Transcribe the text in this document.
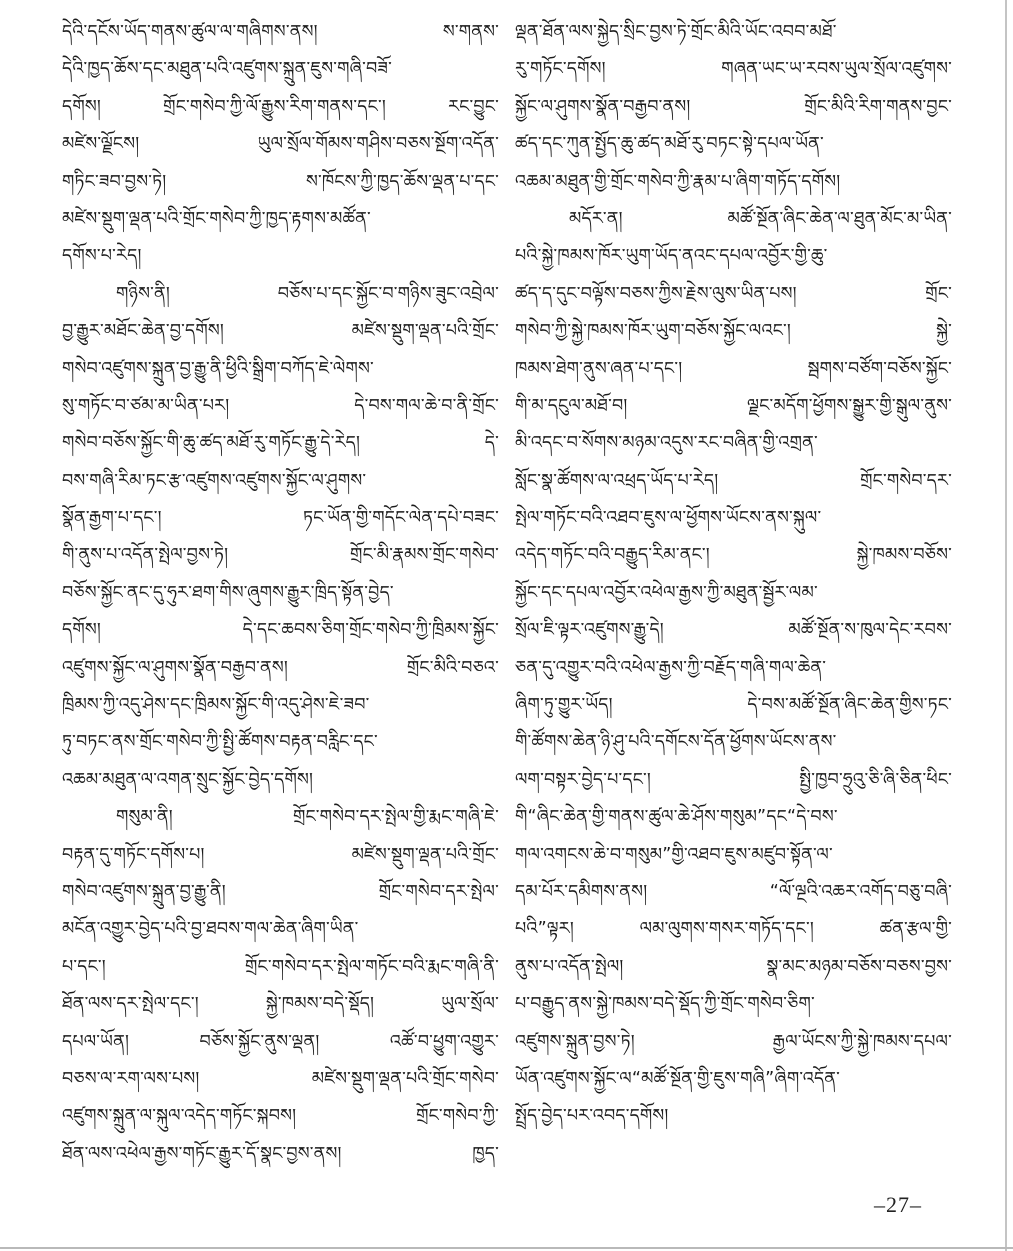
དེའི་དངོས་ཡོད་གནས་ཚུལ་ལ་གཞིགས་ནས། ས་གནས་
དེའི་ཁྱད་ཆོས་དང་མཐུན་པའི་འཛུགས་སྐྲུན་ཇུས་གཞི་བཟོ་
དགོས། གྲོང་གསེབ་ཀྱི་ལོ་རྒྱུས་རིག་གནས་དང་། རང་བྱུང་
མཛེས་ལྗོངས། ཡུལ་སྲོལ་གོམས་གཤིས་བཅས་སྔོག་འདོན་
གཏིང་ཟབ་བྱས་ཏེ། ས་ཁོངས་ཀྱི་ཁྱད་ཆོས་ལྡན་པ་དང་
མཛེས་སྡུག་ལྡན་པའི་གྲོང་གསེབ་ཀྱི་ཁྱད་རྟགས་མཚོན་
དགོས་པ་རེད།
གཉིས་ནི། བཅོས་པ་དང་སྐྱོང་བ་གཉིས་ཟུང་འབྲེལ་
བྱ་རྒྱུར་མཐོང་ཆེན་བྱ་དགོས། མཛེས་སྡུག་ལྡན་པའི་གྲོང་
གསེབ་འཛུགས་སྐྲུན་བྱ་རྒྱུ་ནི་ཕྱིའི་སྒྲིག་བཀོད་ཇེ་ལེགས་
སུ་གཏོང་བ་ཙམ་མ་ཡིན་པར། དེ་བས་གལ་ཆེ་བ་ནི་གྲོང་
གསེབ་བཅོས་སྐྱོང་གི་ཆུ་ཚད་མཐོ་རུ་གཏོང་རྒྱུ་དེ་རེད། དེ་
བས་གཞི་རིམ་ཏང་རྩ་འཛུགས་འཛུགས་སྐྱོང་ལ་ཤུགས་
སྣོན་རྒྱག་པ་དང་། ཏང་ཡོན་གྱི་གདོང་ལེན་དཔེ་བཟང་
གི་ནུས་པ་འདོན་སྤེལ་བྱས་ཏེ། གྲོང་མི་རྣམས་གྲོང་གསེབ་
བཅོས་སྐྱོང་ནང་དུ་ཧུར་ཐག་གིས་ཞུགས་རྒྱུར་ཁྲིད་སྟོན་བྱེད་
དགོས། དེ་དང་ཆབས་ཅིག་གྲོང་གསེབ་ཀྱི་ཁྲིམས་སྐྱོང་
འཛུགས་སྐྱོང་ལ་ཤུགས་སྣོན་བརྒྱབ་ནས། གྲོང་མིའི་བཅའ་
ཁྲིམས་ཀྱི་འདུ་ཤེས་དང་ཁྲིམས་སྐྱོང་གི་འདུ་ཤེས་ཇེ་ཟབ་
ཏུ་བཏང་ནས་གྲོང་གསེབ་ཀྱི་སྤྱི་ཚོགས་བརྟན་བརླིང་དང་
འཆམ་མཐུན་ལ་འགན་སྲུང་སྐྱོང་བྱེད་དགོས།
གསུམ་ནི། གྲོང་གསེབ་དར་སྤེལ་གྱི་རྨང་གཞི་ཇེ་
བརྟན་དུ་གཏོང་དགོས་པ། མཛེས་སྡུག་ལྡན་པའི་གྲོང་
གསེབ་འཛུགས་སྐྲུན་བྱ་རྒྱུ་ནི། གྲོང་གསེབ་དར་སྤེལ་
མངོན་འགྱུར་བྱེད་པའི་བྱ་ཐབས་གལ་ཆེན་ཞིག་ཡིན་
པ་དང་། གྲོང་གསེབ་དར་སྤེལ་གཏོང་བའི་རྨང་གཞི་ནི་
ཐོན་ལས་དར་སྤེལ་དང་། སྐྱེ་ཁམས་བདེ་སྡོད། ཡུལ་སྲོལ་
དཔལ་ཡོན། བཅོས་སྐྱོང་ནུས་ལྡན། འཚོ་བ་ཕྱུག་འགྱུར་
བཅས་ལ་རག་ལས་པས། མཛེས་སྡུག་ལྡན་པའི་གྲོང་གསེབ་
འཛུགས་སྐྲུན་ལ་སྐུལ་འདེད་གཏོང་སྐབས། གྲོང་གསེབ་ཀྱི་
ཐོན་ལས་འཕེལ་རྒྱས་གཏོང་རྒྱུར་དོ་སྣང་བྱས་ནས། ཁྱད་
ལྡན་ཐོན་ལས་སྐྱེད་སྲིང་བྱས་ཏེ་གྲོང་མིའི་ཡོང་འབབ་མཐོ་
རུ་གཏོང་དགོས། གཞན་ཡང་ཡ་རབས་ཡུལ་སྲོལ་འཛུགས་
སྐྱོང་ལ་ཤུགས་སྣོན་བརྒྱབ་ནས། གྲོང་མིའི་རིག་གནས་བྱང་
ཚད་དང་ཀུན་སྤྱོད་ཆུ་ཚད་མཐོ་རུ་བཏང་སྟེ་དཔལ་ཡོན་
འཆམ་མཐུན་གྱི་གྲོང་གསེབ་ཀྱི་རྣམ་པ་ཞིག་གཏོད་དགོས།
མདོར་ན། མཚོ་སྔོན་ཞིང་ཆེན་ལ་ཐུན་མོང་མ་ཡིན་
པའི་སྐྱེ་ཁམས་ཁོར་ཡུག་ཡོད་ནའང་དཔལ་འབྱོར་གྱི་ཆུ་
ཚད་ད་དུང་བལྟོས་བཅས་ཀྱིས་རྗེས་ལུས་ཡིན་པས། གྲོང་
གསེབ་ཀྱི་སྐྱེ་ཁམས་ཁོར་ཡུག་བཅོས་སྐྱོང་ལའང་། སྐྱེ་
ཁམས་ཐེག་ནུས་ཞན་པ་དང་། སྦགས་བཙོག་བཅོས་སྐྱོང་
གི་མ་དངུལ་མཐོ་བ། ལྗང་མདོག་ཕྱོགས་སྒྱུར་གྱི་སྒུལ་ནུས་
མི་འདང་བ་སོགས་མཉམ་འདུས་རང་བཞིན་གྱི་འགྲན་
སློང་སྣ་ཚོགས་ལ་འཕྲད་ཡོད་པ་རེད། གྲོང་གསེབ་དར་
སྤེལ་གཏོང་བའི་འཐབ་ཇུས་ལ་ཕྱོགས་ཡོངས་ནས་སྐུལ་
འདེད་གཏོང་བའི་བརྒྱུད་རིམ་ནང་། སྐྱེ་ཁམས་བཅོས་
སྐྱོང་དང་དཔལ་འབྱོར་འཕེལ་རྒྱས་ཀྱི་མཐུན་སྦྱོར་ལམ་
སྲོལ་ཇི་ལྟར་འཛུགས་རྒྱུ་དེ། མཚོ་སྔོན་ས་ཁུལ་དེང་རབས་
ཅན་དུ་འགྱུར་བའི་འཕེལ་རྒྱས་ཀྱི་བརྗོད་གཞི་གལ་ཆེན་
ཞིག་ཏུ་གྱུར་ཡོད། དེ་བས་མཚོ་སྔོན་ཞིང་ཆེན་གྱིས་ཏང་
གི་ཚོགས་ཆེན་ཉི་ཤུ་པའི་དགོངས་དོན་ཕྱོགས་ཡོངས་ནས་
ལག་བསྟར་བྱེད་པ་དང་། སྤྱི་ཁྱབ་ཧྲུའུ་ཅི་ཞི་ཅིན་ཕིང་
གི“ཞིང་ཆེན་གྱི་གནས་ཚུལ་ཆེ་ཤོས་གསུམ”དང“དེ་བས་
གལ་འགངས་ཆེ་བ་གསུམ”གྱི་འཐབ་ཇུས་མཛུབ་སྟོན་ལ་
དམ་པོར་དམིགས་ནས། “ལོ་ལྔའི་འཆར་འགོད་བཅུ་བཞི་
པའི”ལྟར། ལམ་ལུགས་གསར་གཏོད་དང་། ཚན་རྩལ་གྱི་
ནུས་པ་འདོན་སྤེལ། སྣ་མང་མཉམ་བཅོས་བཅས་བྱས་
པ་བརྒྱུད་ནས་སྐྱེ་ཁམས་བདེ་སྡོད་ཀྱི་གྲོང་གསེབ་ཅིག་
འཛུགས་སྐྲུན་བྱས་ཏེ། རྒྱལ་ཡོངས་ཀྱི་སྐྱེ་ཁམས་དཔལ་
ཡོན་འཛུགས་སྐྱོང་ལ“མཚོ་སྔོན་གྱི་ཇུས་གཞི”ཞིག་འདོན་
སྤྲོད་བྱེད་པར་འབད་དགོས།
–27–
